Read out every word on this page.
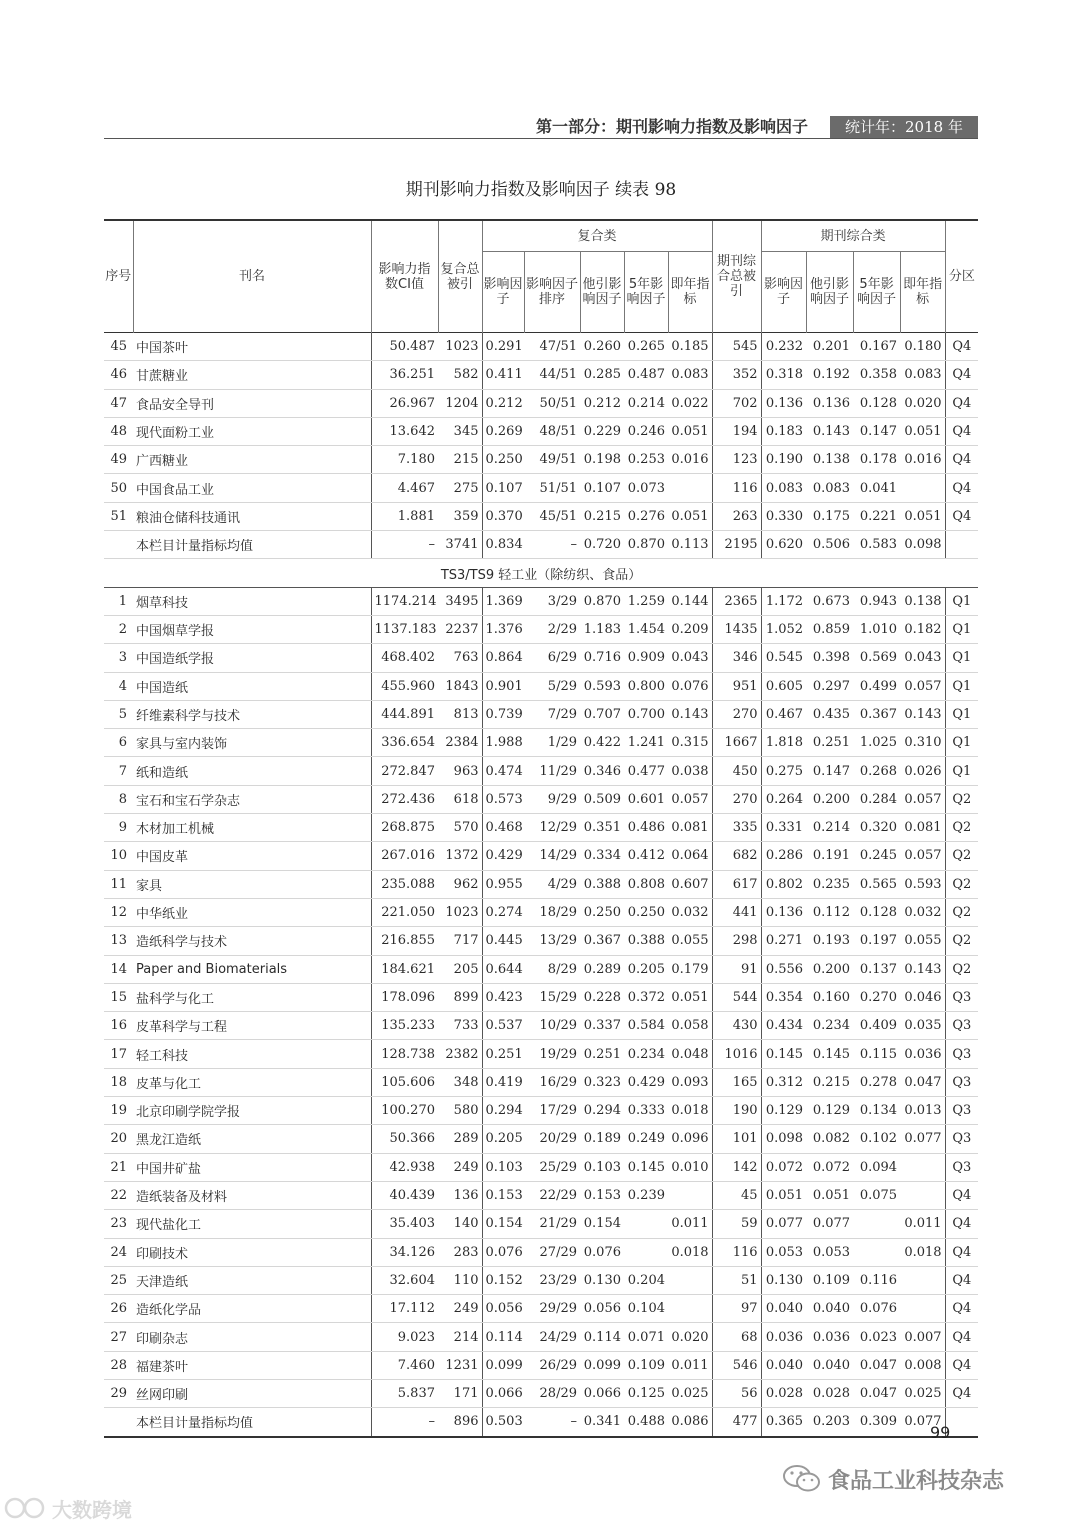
第一部分：期刊影响力指数及影响因子	统计年：2018 年
期刊影响力指数及影响因子 续表 98
序号	刊名	影响力指数CI值	复合总被引	复合类					期刊综合总被引	期刊综合类				分区
				影响因子	影响因子排序	他引影响因子	5年影响因子	即年指标		影响因子	他引影响因子	5年影响因子	即年指标	
45	中国茶叶	50.487	1023	0.291	47/51	0.260	0.265	0.185	545	0.232	0.201	0.167	0.180	Q4
46	甘蔗糖业	36.251	582	0.411	44/51	0.285	0.487	0.083	352	0.318	0.192	0.358	0.083	Q4
47	食品安全导刊	26.967	1204	0.212	50/51	0.212	0.214	0.022	702	0.136	0.136	0.128	0.020	Q4
48	现代面粉工业	13.642	345	0.269	48/51	0.229	0.246	0.051	194	0.183	0.143	0.147	0.051	Q4
49	广西糖业	7.180	215	0.250	49/51	0.198	0.253	0.016	123	0.190	0.138	0.178	0.016	Q4
50	中国食品工业	4.467	275	0.107	51/51	0.107	0.073		116	0.083	0.083	0.041		Q4
51	粮油仓储科技通讯	1.881	359	0.370	45/51	0.215	0.276	0.051	263	0.330	0.175	0.221	0.051	Q4
	本栏目计量指标均值	–	3741	0.834	–	0.720	0.870	0.113	2195	0.620	0.506	0.583	0.098	
TS3/TS9 轻工业（除纺织、食品）														
1	烟草科技	1174.214	3495	1.369	3/29	0.870	1.259	0.144	2365	1.172	0.673	0.943	0.138	Q1
2	中国烟草学报	1137.183	2237	1.376	2/29	1.183	1.454	0.209	1435	1.052	0.859	1.010	0.182	Q1
3	中国造纸学报	468.402	763	0.864	6/29	0.716	0.909	0.043	346	0.545	0.398	0.569	0.043	Q1
4	中国造纸	455.960	1843	0.901	5/29	0.593	0.800	0.076	951	0.605	0.297	0.499	0.057	Q1
5	纤维素科学与技术	444.891	813	0.739	7/29	0.707	0.700	0.143	270	0.467	0.435	0.367	0.143	Q1
6	家具与室内装饰	336.654	2384	1.988	1/29	0.422	1.241	0.315	1667	1.818	0.251	1.025	0.310	Q1
7	纸和造纸	272.847	963	0.474	11/29	0.346	0.477	0.038	450	0.275	0.147	0.268	0.026	Q1
8	宝石和宝石学杂志	272.436	618	0.573	9/29	0.509	0.601	0.057	270	0.264	0.200	0.284	0.057	Q2
9	木材加工机械	268.875	570	0.468	12/29	0.351	0.486	0.081	335	0.331	0.214	0.320	0.081	Q2
10	中国皮革	267.016	1372	0.429	14/29	0.334	0.412	0.064	682	0.286	0.191	0.245	0.057	Q2
11	家具	235.088	962	0.955	4/29	0.388	0.808	0.607	617	0.802	0.235	0.565	0.593	Q2
12	中华纸业	221.050	1023	0.274	18/29	0.250	0.250	0.032	441	0.136	0.112	0.128	0.032	Q2
13	造纸科学与技术	216.855	717	0.445	13/29	0.367	0.388	0.055	298	0.271	0.193	0.197	0.055	Q2
14	Paper and Biomaterials	184.621	205	0.644	8/29	0.289	0.205	0.179	91	0.556	0.200	0.137	0.143	Q2
15	盐科学与化工	178.096	899	0.423	15/29	0.228	0.372	0.051	544	0.354	0.160	0.270	0.046	Q3
16	皮革科学与工程	135.233	733	0.537	10/29	0.337	0.584	0.058	430	0.434	0.234	0.409	0.035	Q3
17	轻工科技	128.738	2382	0.251	19/29	0.251	0.234	0.048	1016	0.145	0.145	0.115	0.036	Q3
18	皮革与化工	105.606	348	0.419	16/29	0.323	0.429	0.093	165	0.312	0.215	0.278	0.047	Q3
19	北京印刷学院学报	100.270	580	0.294	17/29	0.294	0.333	0.018	190	0.129	0.129	0.134	0.013	Q3
20	黑龙江造纸	50.366	289	0.205	20/29	0.189	0.249	0.096	101	0.098	0.082	0.102	0.077	Q3
21	中国井矿盐	42.938	249	0.103	25/29	0.103	0.145	0.010	142	0.072	0.072	0.094		Q3
22	造纸装备及材料	40.439	136	0.153	22/29	0.153	0.239		45	0.051	0.051	0.075		Q4
23	现代盐化工	35.403	140	0.154	21/29	0.154		0.011	59	0.077	0.077		0.011	Q4
24	印刷技术	34.126	283	0.076	27/29	0.076		0.018	116	0.053	0.053		0.018	Q4
25	天津造纸	32.604	110	0.152	23/29	0.130	0.204		51	0.130	0.109	0.116		Q4
26	造纸化学品	17.112	249	0.056	29/29	0.056	0.104		97	0.040	0.040	0.076		Q4
27	印刷杂志	9.023	214	0.114	24/29	0.114	0.071	0.020	68	0.036	0.036	0.023	0.007	Q4
28	福建茶叶	7.460	1231	0.099	26/29	0.099	0.109	0.011	546	0.040	0.040	0.047	0.008	Q4
29	丝网印刷	5.837	171	0.066	28/29	0.066	0.125	0.025	56	0.028	0.028	0.047	0.025	Q4
	本栏目计量指标均值	–	896	0.503	–	0.341	0.488	0.086	477	0.365	0.203	0.309	0.077	
99
食品工业科技杂志
大数跨境
